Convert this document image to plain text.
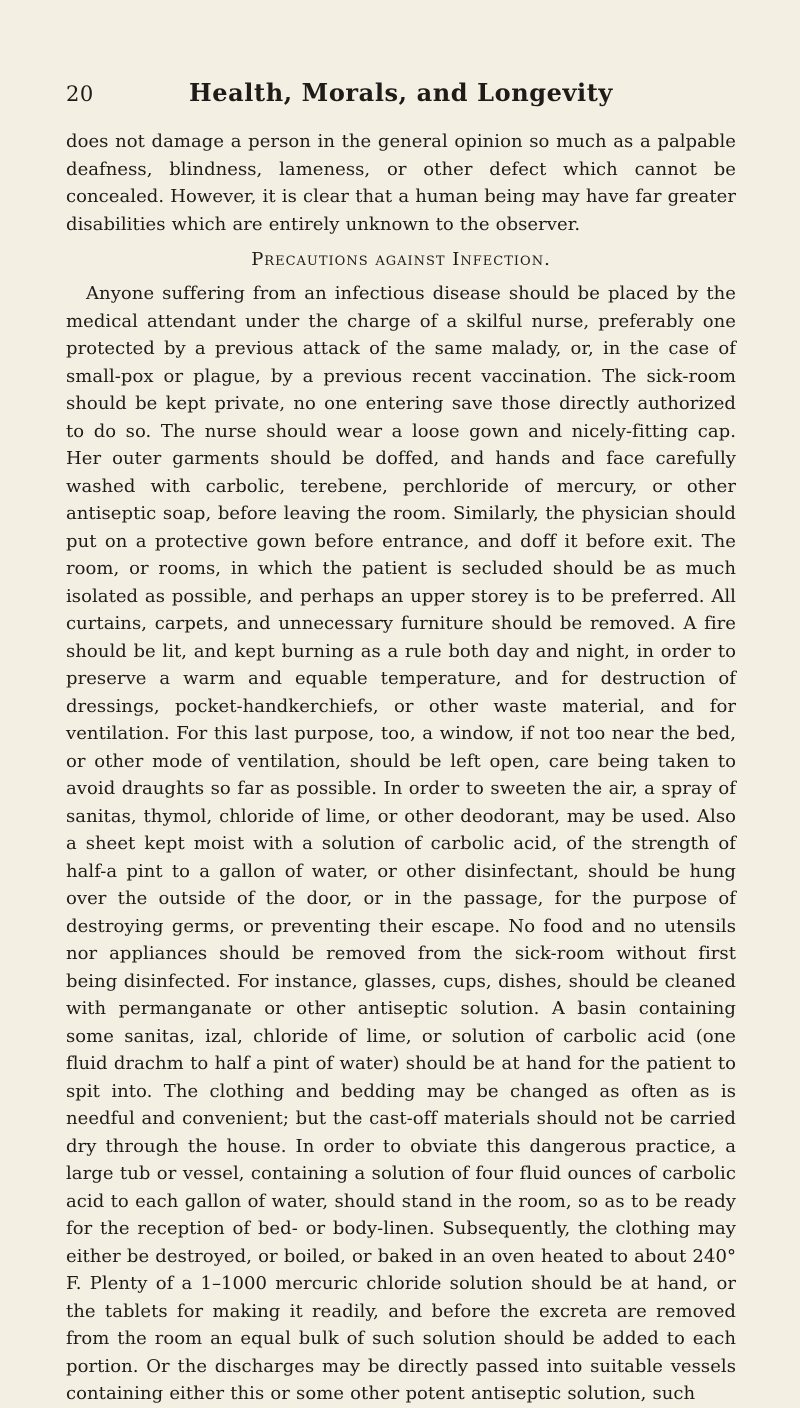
20	Health, Morals, and Longevity

does not damage a person in the general opinion so much as a palpable deafness, blindness, lameness, or other defect which cannot be concealed. However, it is clear that a human being may have far greater disabilities which are entirely unknown to the observer.

Precautions against Infection.

Anyone suffering from an infectious disease should be placed by the medical attendant under the charge of a skilful nurse, preferably one protected by a previous attack of the same malady, or, in the case of small-pox or plague, by a previous recent vaccination. The sick-room should be kept private, no one entering save those directly authorized to do so. The nurse should wear a loose gown and nicely-fitting cap. Her outer garments should be doffed, and hands and face carefully washed with carbolic, terebene, perchloride of mercury, or other antiseptic soap, before leaving the room. Similarly, the physician should put on a protective gown before entrance, and doff it before exit. The room, or rooms, in which the patient is secluded should be as much isolated as possible, and perhaps an upper storey is to be preferred. All curtains, carpets, and unnecessary furniture should be removed. A fire should be lit, and kept burning as a rule both day and night, in order to preserve a warm and equable temperature, and for destruction of dressings, pocket-handkerchiefs, or other waste material, and for ventilation. For this last purpose, too, a window, if not too near the bed, or other mode of ventilation, should be left open, care being taken to avoid draughts so far as possible. In order to sweeten the air, a spray of sanitas, thymol, chloride of lime, or other deodorant, may be used. Also a sheet kept moist with a solution of carbolic acid, of the strength of half-a pint to a gallon of water, or other disinfectant, should be hung over the outside of the door, or in the passage, for the purpose of destroying germs, or preventing their escape. No food and no utensils nor appliances should be removed from the sick-room without first being disinfected. For instance, glasses, cups, dishes, should be cleaned with permanganate or other antiseptic solution. A basin containing some sanitas, izal, chloride of lime, or solution of carbolic acid (one fluid drachm to half a pint of water) should be at hand for the patient to spit into. The clothing and bedding may be changed as often as is needful and convenient; but the cast-off materials should not be carried dry through the house. In order to obviate this dangerous practice, a large tub or vessel, containing a solution of four fluid ounces of carbolic acid to each gallon of water, should stand in the room, so as to be ready for the reception of bed- or body-linen. Subsequently, the clothing may either be destroyed, or boiled, or baked in an oven heated to about 240° F. Plenty of a 1–1000 mercuric chloride solution should be at hand, or the tablets for making it readily, and before the excreta are removed from the room an equal bulk of such solution should be added to each portion. Or the discharges may be directly passed into suitable vessels containing either this or some other potent antiseptic solution, such
